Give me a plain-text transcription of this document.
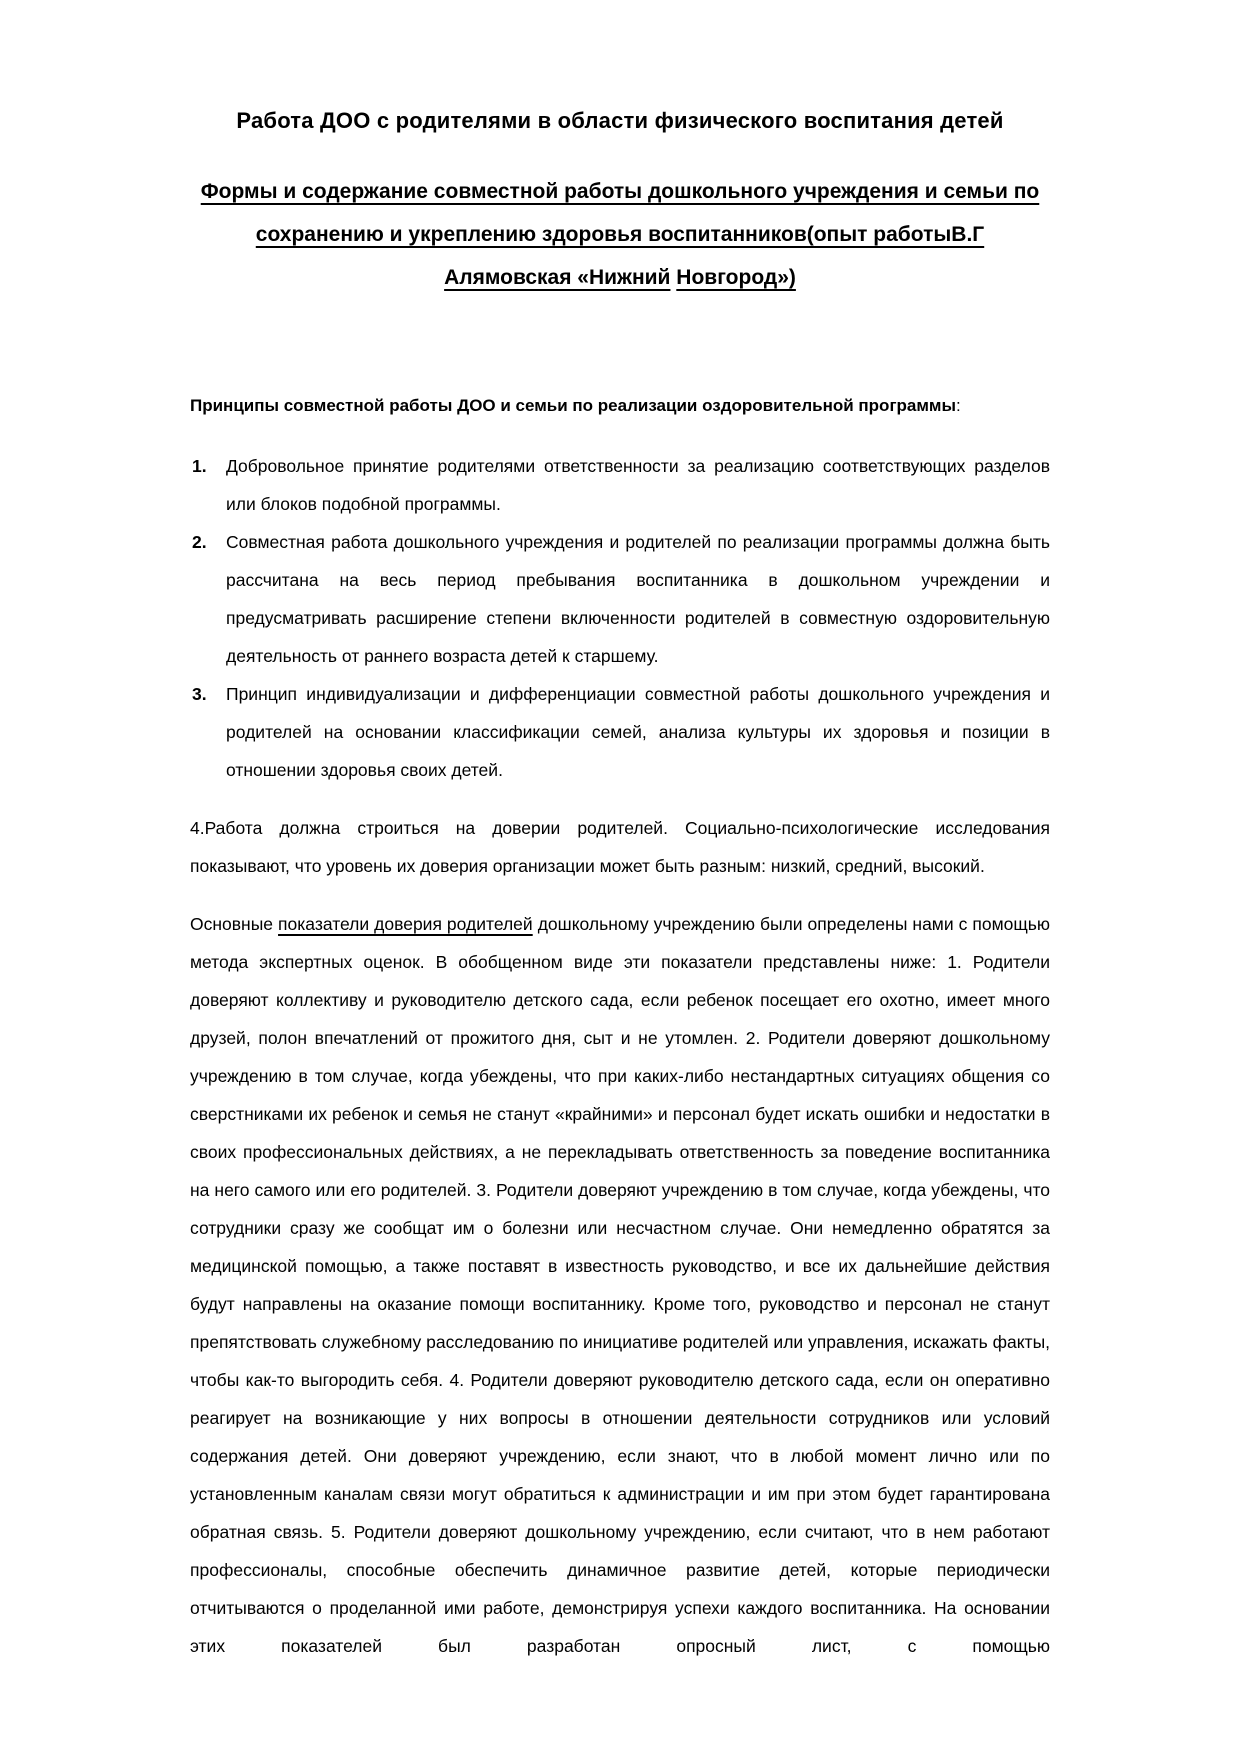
Работа ДОО с родителями в области физического воспитания детей
Формы и содержание совместной работы дошкольного учреждения и семьи по сохранению и укреплению здоровья воспитанников(опыт работыВ.Г Алямовская «Нижний Новгород»)
Принципы совместной работы ДОО и семьи по реализации оздоровительной программы:
1. Добровольное принятие родителями ответственности за реализацию соответствующих разделов или блоков подобной программы.
2. Совместная работа дошкольного учреждения и родителей по реализации программы должна быть рассчитана на весь период пребывания воспитанника в дошкольном учреждении и предусматривать расширение степени включенности родителей в совместную оздоровительную деятельность от раннего возраста детей к старшему.
3. Принцип индивидуализации и дифференциации совместной работы дошкольного учреждения и родителей на основании классификации семей, анализа культуры их здоровья и позиции в отношении здоровья своих детей.

4.Работа должна строиться на доверии родителей. Социально-психологические исследования показывают, что уровень их доверия организации может быть разным: низкий, средний, высокий.

Основные показатели доверия родителей дошкольному учреждению были определены нами с помощью метода экспертных оценок. В обобщенном виде эти показатели представлены ниже: 1. Родители доверяют коллективу и руководителю детского сада, если ребенок посещает его охотно, имеет много друзей, полон впечатлений от прожитого дня, сыт и не утомлен. 2. Родители доверяют дошкольному учреждению в том случае, когда убеждены, что при каких-либо нестандартных ситуациях общения со сверстниками их ребенок и семья не станут «крайними» и персонал будет искать ошибки и недостатки в своих профессиональных действиях, а не перекладывать ответственность за поведение воспитанника на него самого или его родителей. 3. Родители доверяют учреждению в том случае, когда убеждены, что сотрудники сразу же сообщат им о болезни или несчастном случае. Они немедленно обратятся за медицинской помощью, а также поставят в известность руководство, и все их дальнейшие действия будут направлены на оказание помощи воспитаннику. Кроме того, руководство и персонал не станут препятствовать служебному расследованию по инициативе родителей или управления, искажать факты, чтобы как-то выгородить себя. 4. Родители доверяют руководителю детского сада, если он оперативно реагирует на возникающие у них вопросы в отношении деятельности сотрудников или условий содержания детей. Они доверяют учреждению, если знают, что в любой момент лично или по установленным каналам связи могут обратиться к администрации и им при этом будет гарантирована обратная связь. 5. Родители доверяют дошкольному учреждению, если считают, что в нем работают профессионалы, способные обеспечить динамичное развитие детей, которые периодически отчитываются о проделанной ими работе, демонстрируя успехи каждого воспитанника. На основании этих показателей был разработан опросный лист, с помощью
